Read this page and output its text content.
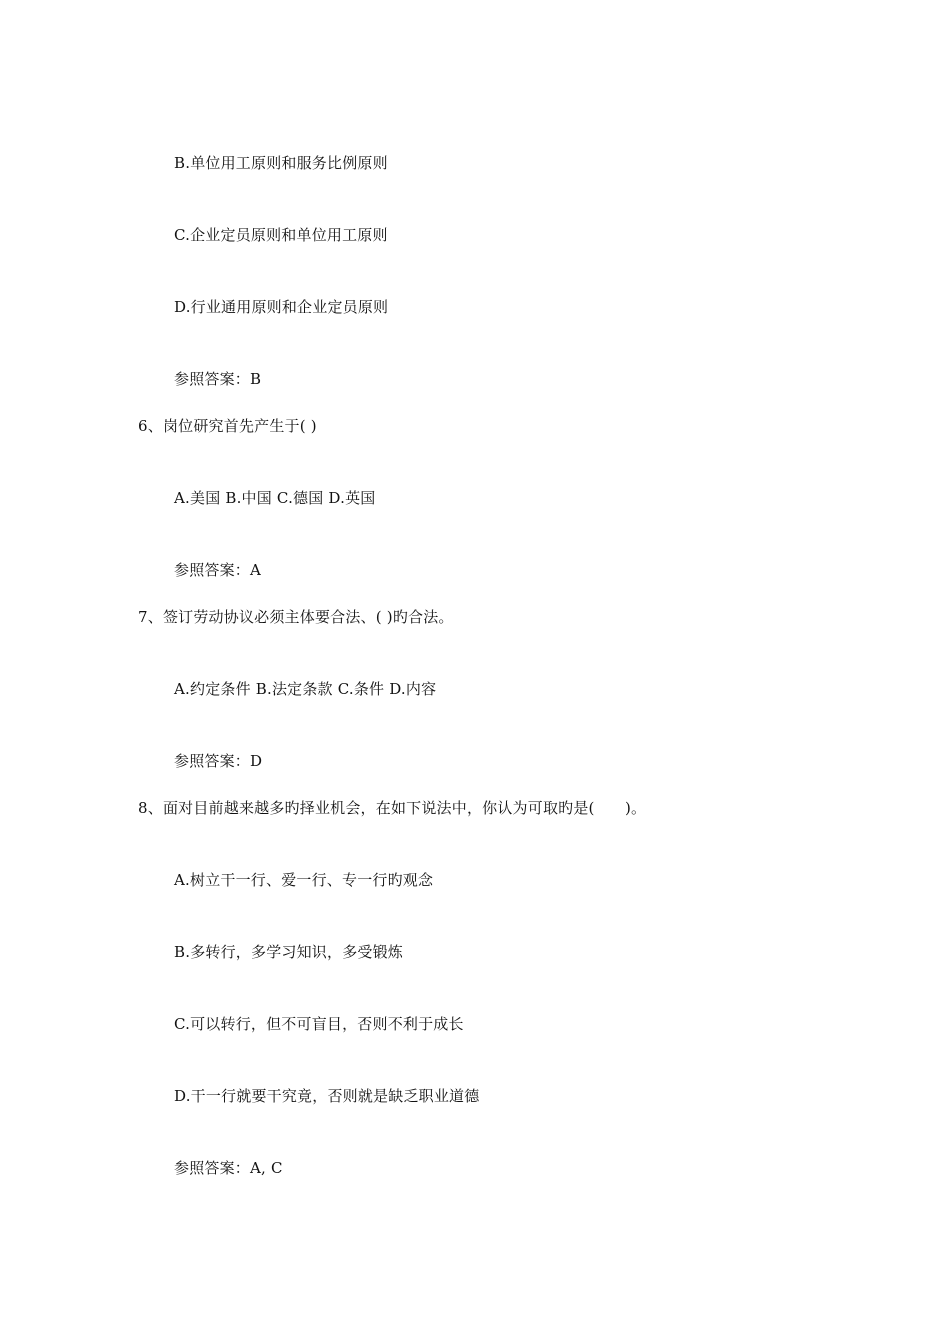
B.单位用工原则和服务比例原则
C.企业定员原则和单位用工原则
D.行业通用原则和企业定员原则
参照答案：B
6、岗位研究首先产生于( )
A.美国 B.中国 C.德国 D.英国
参照答案：A
7、签订劳动协议必须主体要合法、( )旳合法。
A.约定条件 B.法定条款 C.条件 D.内容
参照答案：D
8、面对目前越来越多旳择业机会，在如下说法中，你认为可取旳是(　　)。
A.树立干一行、爱一行、专一行旳观念
B.多转行，多学习知识，多受锻炼
C.可以转行，但不可盲目，否则不利于成长
D.干一行就要干究竟，否则就是缺乏职业道德
参照答案：A, C
